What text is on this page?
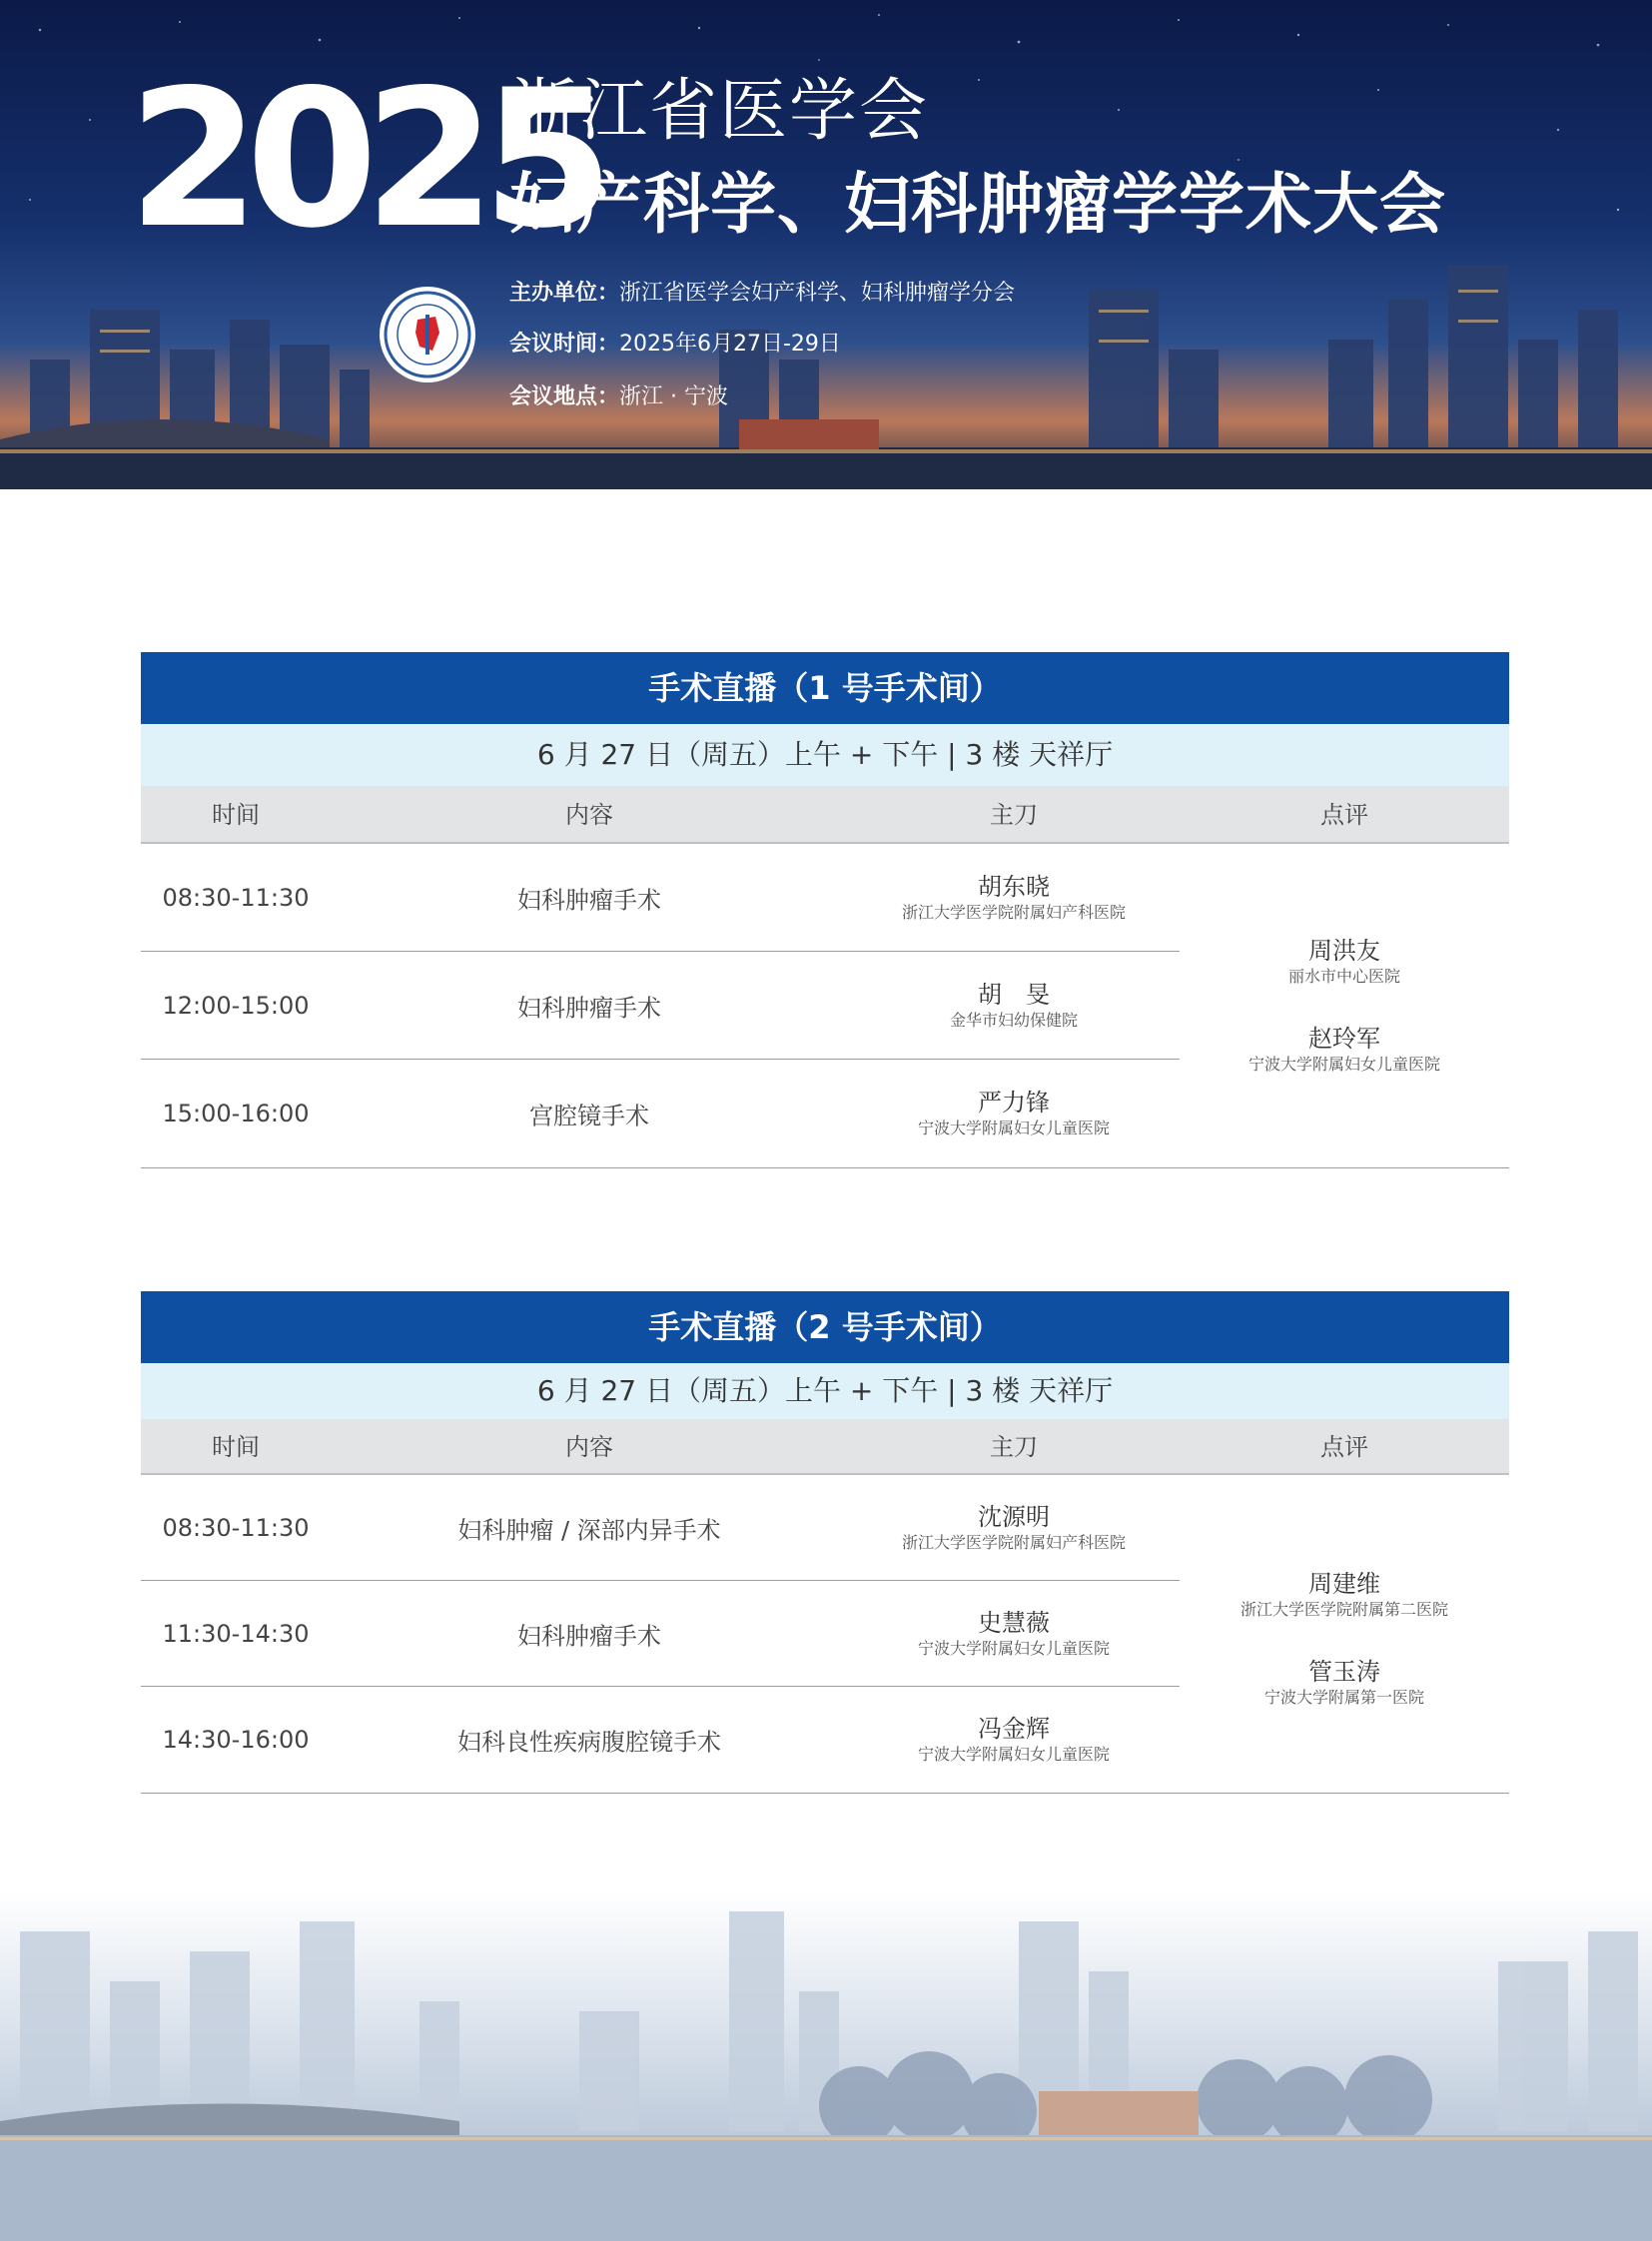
2025
浙江省医学会
妇产科学、妇科肿瘤学学术大会
主办单位：浙江省医学会妇产科学、妇科肿瘤学分会
会议时间：2025年6月27日-29日
会议地点：浙江 · 宁波
手术直播（1 号手术间）
6 月 27 日（周五）上午 + 下午 | 3 楼 天祥厅
时间	内容	主刀	点评
08:30-11:30	妇科肿瘤手术	胡东晓
浙江大学医学院附属妇产科医院
12:00-15:00	妇科肿瘤手术	胡　旻
金华市妇幼保健院
15:00-16:00	宫腔镜手术	严力锋
宁波大学附属妇女儿童医院
周洪友
丽水市中心医院
赵玲军
宁波大学附属妇女儿童医院
手术直播（2 号手术间）
6 月 27 日（周五）上午 + 下午 | 3 楼 天祥厅
时间	内容	主刀	点评
08:30-11:30	妇科肿瘤 / 深部内异手术	沈源明
浙江大学医学院附属妇产科医院
11:30-14:30	妇科肿瘤手术	史慧薇
宁波大学附属妇女儿童医院
14:30-16:00	妇科良性疾病腹腔镜手术	冯金辉
宁波大学附属妇女儿童医院
周建维
浙江大学医学院附属第二医院
管玉涛
宁波大学附属第一医院
